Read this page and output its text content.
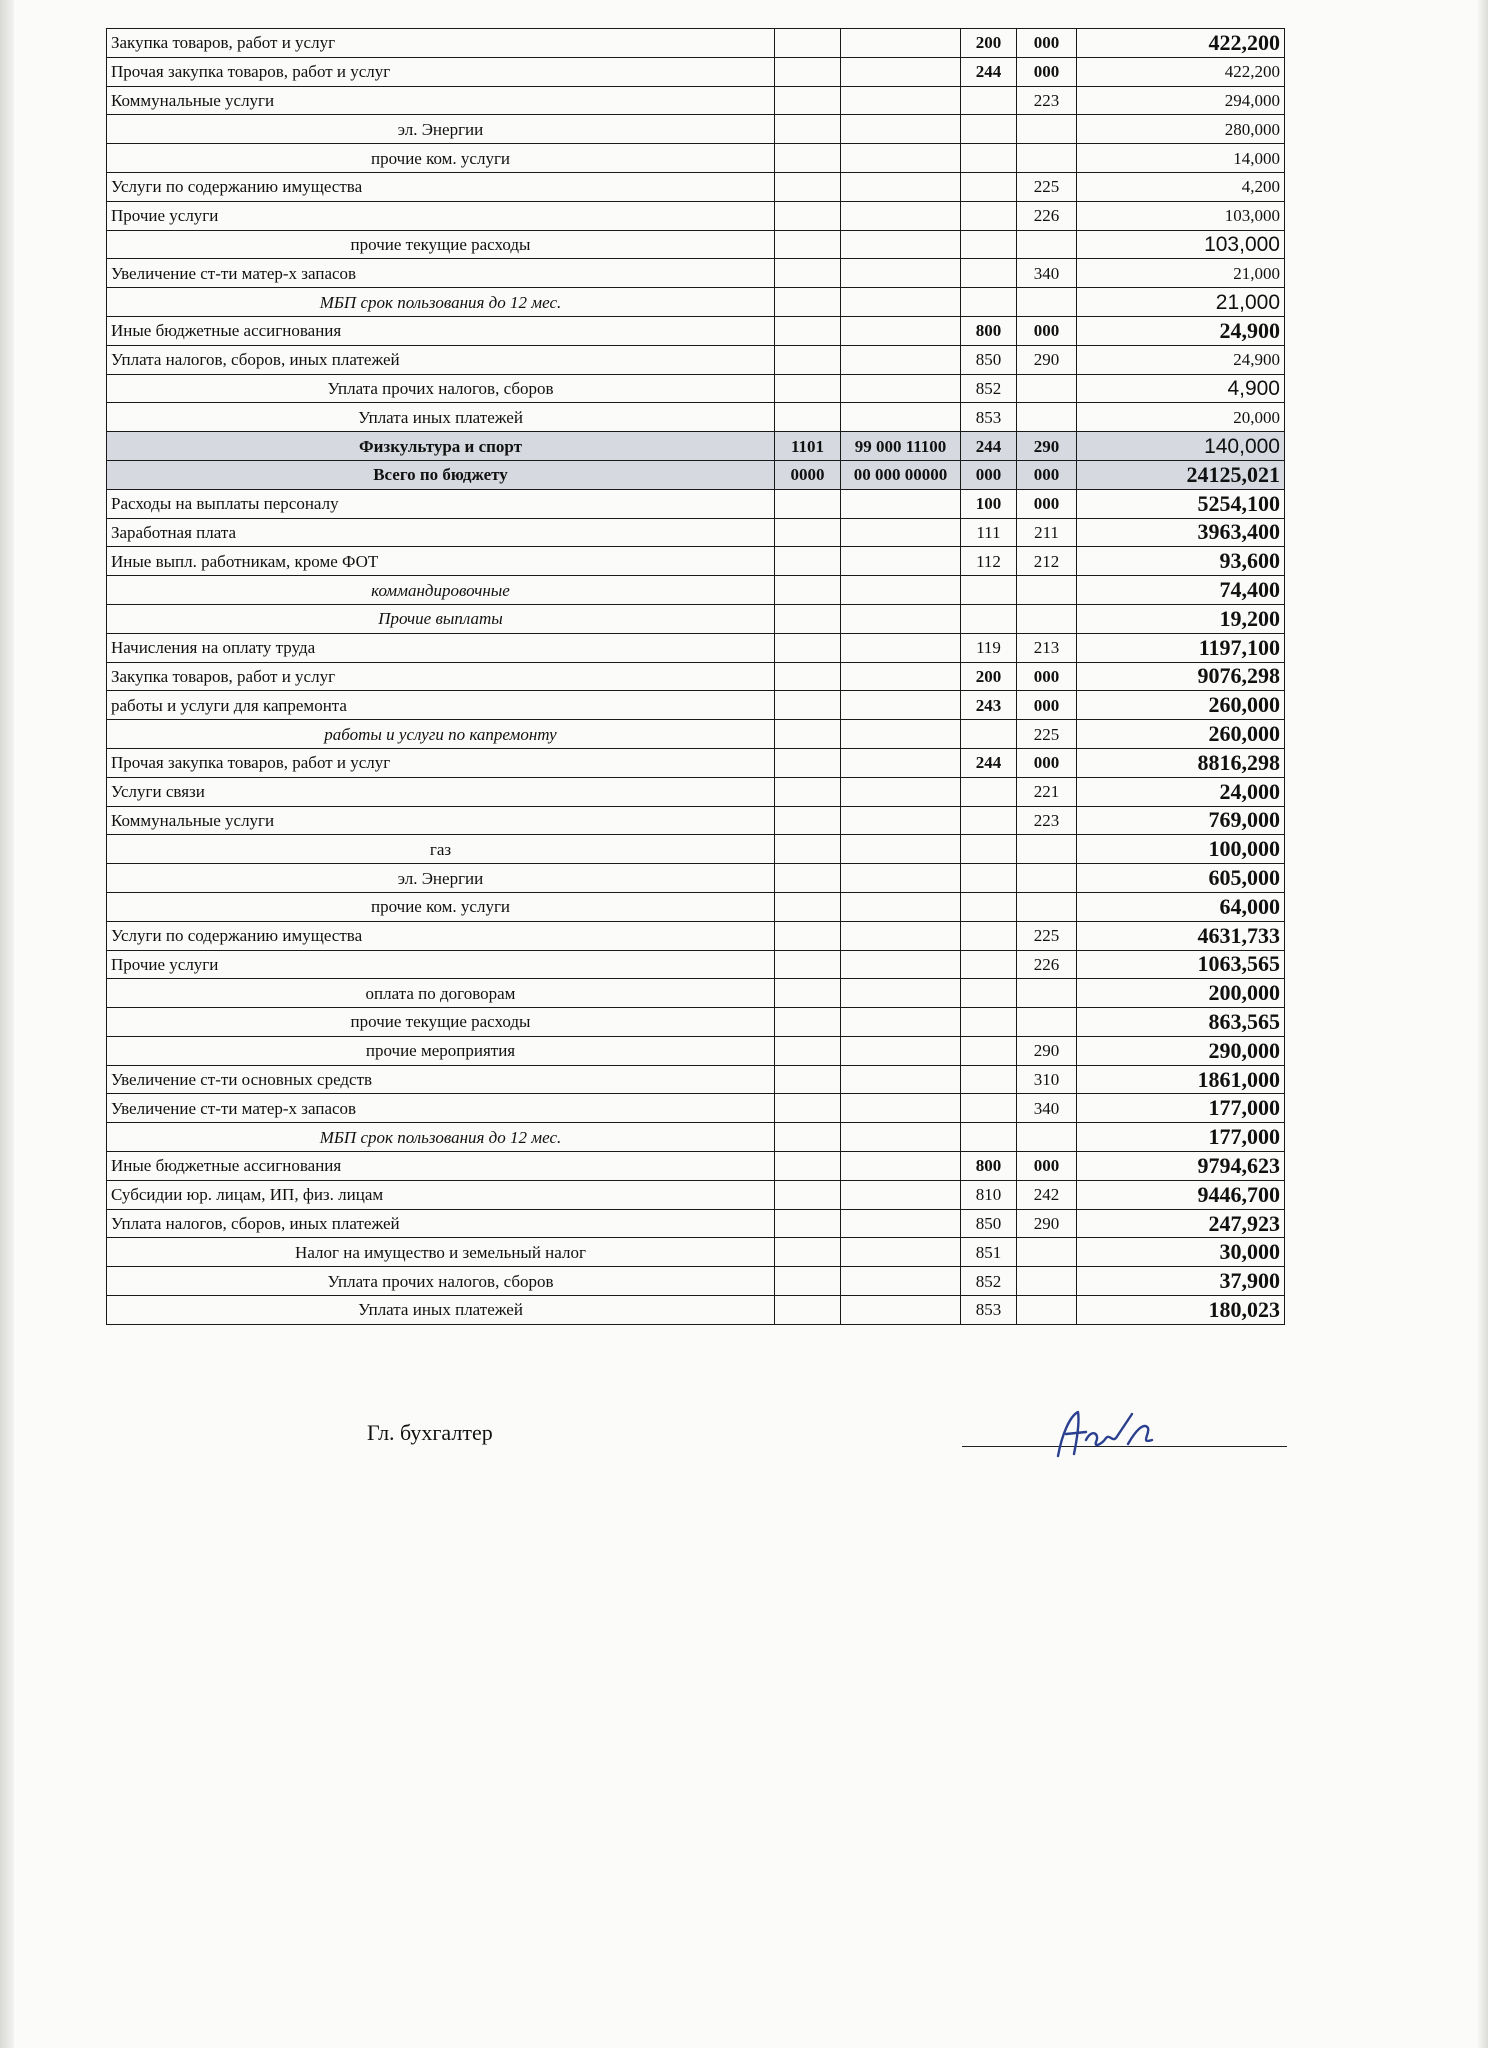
Закупка товаров, работ и услуг			200	000	422,200
Прочая закупка товаров, работ и услуг			244	000	422,200
Коммунальные услуги				223	294,000
эл. Энергии					280,000
прочие ком. услуги					14,000
Услуги по содержанию имущества				225	4,200
Прочие услуги				226	103,000
прочие текущие расходы					103,000
Увеличение ст-ти матер-х запасов				340	21,000
МБП срок пользования до 12 мес.					21,000
Иные бюджетные ассигнования			800	000	24,900
Уплата налогов, сборов, иных платежей			850	290	24,900
Уплата прочих налогов, сборов			852		4,900
Уплата иных платежей			853		20,000
Физкультура и спорт	1101	99 000 11100	244	290	140,000
Всего по бюджету	0000	00 000 00000	000	000	24125,021
Расходы на выплаты персоналу			100	000	5254,100
Заработная плата			111	211	3963,400
Иные выпл. работникам, кроме ФОТ			112	212	93,600
коммандировочные					74,400
Прочие выплаты					19,200
Начисления на оплату труда			119	213	1197,100
Закупка товаров, работ и услуг			200	000	9076,298
работы и услуги для капремонта			243	000	260,000
работы и услуги по капремонту				225	260,000
Прочая закупка товаров, работ и услуг			244	000	8816,298
Услуги связи				221	24,000
Коммунальные услуги				223	769,000
газ					100,000
эл. Энергии					605,000
прочие ком. услуги					64,000
Услуги по содержанию имущества				225	4631,733
Прочие услуги				226	1063,565
оплата по договорам					200,000
прочие текущие расходы					863,565
прочие мероприятия				290	290,000
Увеличение ст-ти основных средств				310	1861,000
Увеличение ст-ти матер-х запасов				340	177,000
МБП срок пользования до 12 мес.					177,000
Иные бюджетные ассигнования			800	000	9794,623
Субсидии юр. лицам, ИП, физ. лицам			810	242	9446,700
Уплата налогов, сборов, иных платежей			850	290	247,923
Налог на имущество и земельный налог			851		30,000
Уплата прочих налогов, сборов			852		37,900
Уплата иных платежей			853		180,023
Гл. бухгалтер
